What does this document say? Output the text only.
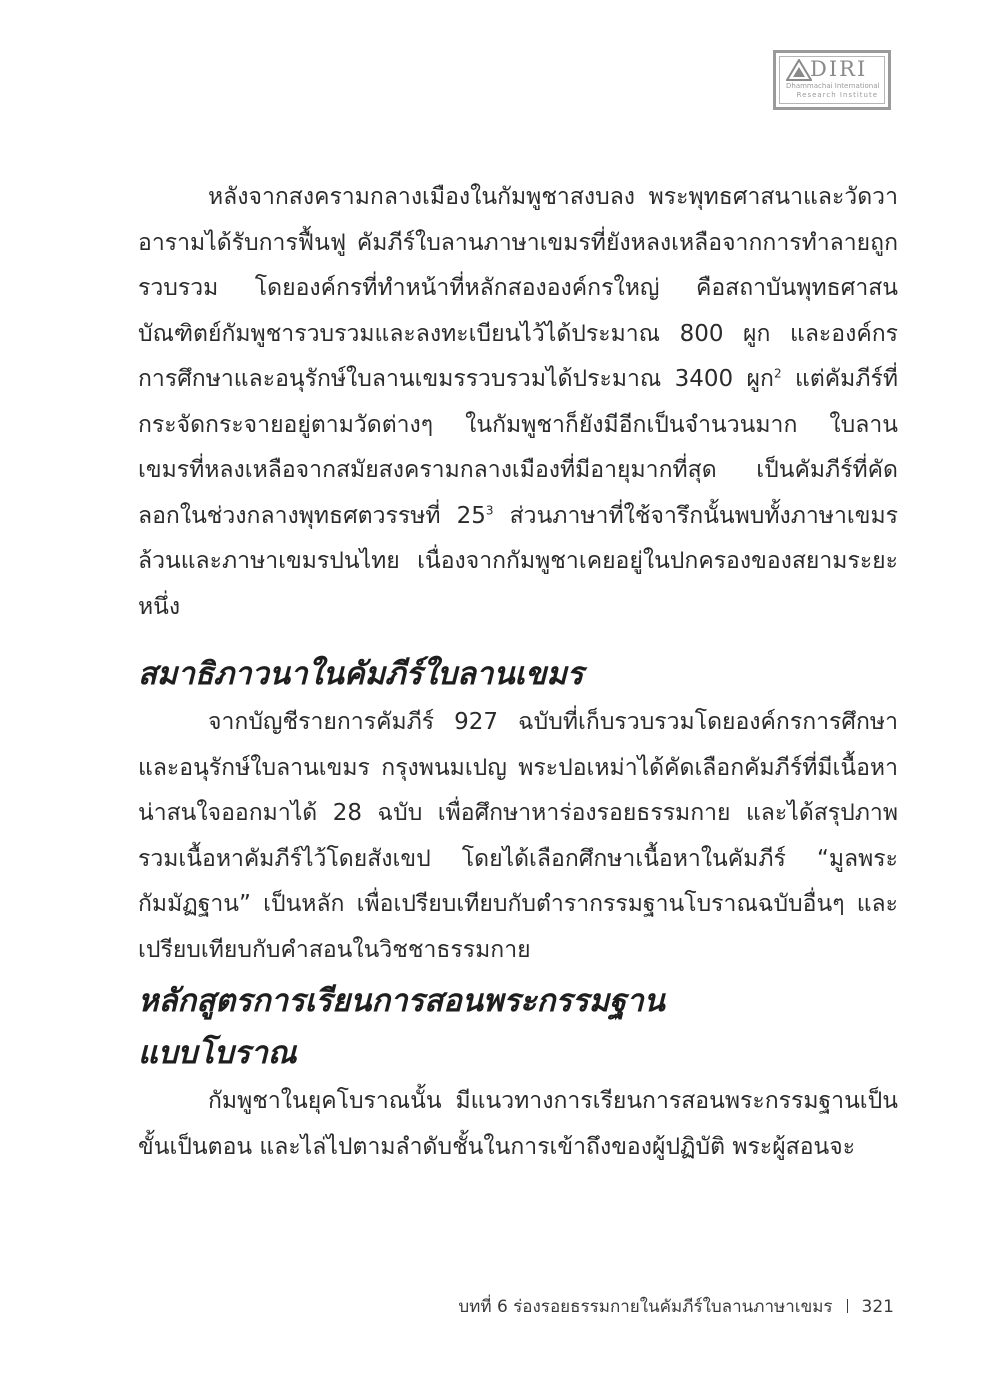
DIRI
Dhammachai International
Research Institute

หลังจากสงครามกลางเมืองในกัมพูชาสงบลง พระพุทธศาสนาและวัดวาอารามได้รับการฟื้นฟู คัมภีร์ใบลานภาษาเขมรที่ยังหลงเหลือจากการทำลายถูกรวบรวม โดยองค์กรที่ทำหน้าที่หลักสององค์กรใหญ่ คือสถาบันพุทธศาสนบัณฑิตย์กัมพูชารวบรวมและลงทะเบียนไว้ได้ประมาณ 800 ผูก และองค์กรการศึกษาและอนุรักษ์ใบลานเขมรรวบรวมได้ประมาณ 3400 ผูก$^2$ แต่คัมภีร์ที่กระจัดกระจายอยู่ตามวัดต่างๆ ในกัมพูชาก็ยังมีอีกเป็นจำนวนมาก ใบลานเขมรที่หลงเหลือจากสมัยสงครามกลางเมืองที่มีอายุมากที่สุด เป็นคัมภีร์ที่คัดลอกในช่วงกลางพุทธศตวรรษที่ $25^3$ ส่วนภาษาที่ใช้จารึกนั้นพบทั้งภาษาเขมรล้วนและภาษาเขมรปนไทย เนื่องจากกัมพูชาเคยอยู่ในปกครองของสยามระยะหนึ่ง

สมาธิภาวนาในคัมภีร์ใบลานเขมร

จากบัญชีรายการคัมภีร์ 927 ฉบับที่เก็บรวบรวมโดยองค์กรการศึกษาและอนุรักษ์ใบลานเขมร กรุงพนมเปญ พระปอเหม่าได้คัดเลือกคัมภีร์ที่มีเนื้อหาน่าสนใจออกมาได้ 28 ฉบับ เพื่อศึกษาหาร่องรอยธรรมกาย และได้สรุปภาพรวมเนื้อหาคัมภีร์ไว้โดยสังเขป โดยได้เลือกศึกษาเนื้อหาในคัมภีร์ “มูลพระกัมมัฏฐาน” เป็นหลัก เพื่อเปรียบเทียบกับตำรากรรมฐานโบราณฉบับอื่นๆ และเปรียบเทียบกับคำสอนในวิชชาธรรมกาย

หลักสูตรการเรียนการสอนพระกรรมฐาน
แบบโบราณ

กัมพูชาในยุคโบราณนั้น มีแนวทางการเรียนการสอนพระกรรมฐานเป็นขั้นเป็นตอน และไล่ไปตามลำดับชั้นในการเข้าถึงของผู้ปฏิบัติ พระผู้สอนจะ

บทที่ 6 ร่องรอยธรรมกายในคัมภีร์ใบลานภาษาเขมร 321
